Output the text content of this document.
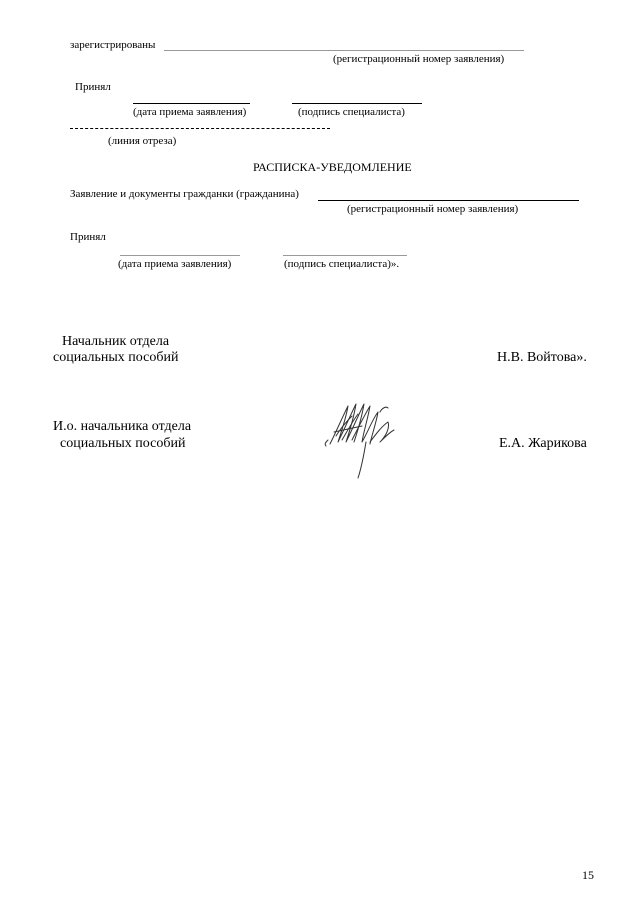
зарегистрированы
(регистрационный номер заявления)
Принял
(дата приема заявления)	(подпись специалиста)
(линия отреза)
РАСПИСКА-УВЕДОМЛЕНИЕ
Заявление и документы гражданки (гражданина)
(регистрационный номер заявления)
Принял
(дата приема заявления)	(подпись специалиста)».
Начальник отдела
социальных пособий	Н.В. Войтова».
И.о. начальника отдела
социальных пособий	Е.А. Жарикова
15
